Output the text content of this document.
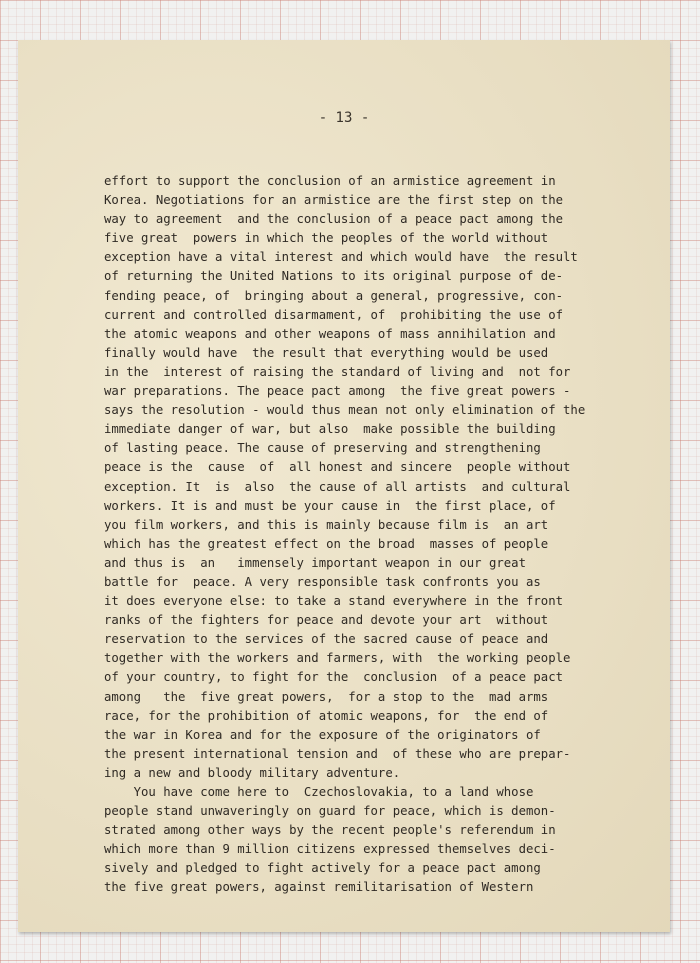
- 13 -
effort to support the conclusion of an armistice agreement in
Korea. Negotiations for an armistice are the first step on the
way to agreement  and the conclusion of a peace pact among the
five great  powers in which the peoples of the world without
exception have a vital interest and which would have  the result
of returning the United Nations to its original purpose of de-
fending peace, of  bringing about a general, progressive, con-
current and controlled disarmament, of  prohibiting the use of
the atomic weapons and other weapons of mass annihilation and
finally would have  the result that everything would be used
in the  interest of raising the standard of living and  not for
war preparations. The peace pact among  the five great powers -
says the resolution - would thus mean not only elimination of the
immediate danger of war, but also  make possible the building
of lasting peace. The cause of preserving and strengthening
peace is the  cause  of  all honest and sincere  people without
exception. It  is  also  the cause of all artists  and cultural
workers. It is and must be your cause in  the first place, of
you film workers, and this is mainly because film is  an art
which has the greatest effect on the broad  masses of people
and thus is  an   immensely important weapon in our great
battle for  peace. A very responsible task confronts you as
it does everyone else: to take a stand everywhere in the front
ranks of the fighters for peace and devote your art  without
reservation to the services of the sacred cause of peace and
together with the workers and farmers, with  the working people
of your country, to fight for the  conclusion  of a peace pact
among   the  five great powers,  for a stop to the  mad arms
race, for the prohibition of atomic weapons, for  the end of
the war in Korea and for the exposure of the originators of
the present international tension and  of these who are prepar-
ing a new and bloody military adventure.
You have come here to  Czechoslovakia, to a land whose
people stand unwaveringly on guard for peace, which is demon-
strated among other ways by the recent people's referendum in
which more than 9 million citizens expressed themselves deci-
sively and pledged to fight actively for a peace pact among
the five great powers, against remilitarisation of Western
